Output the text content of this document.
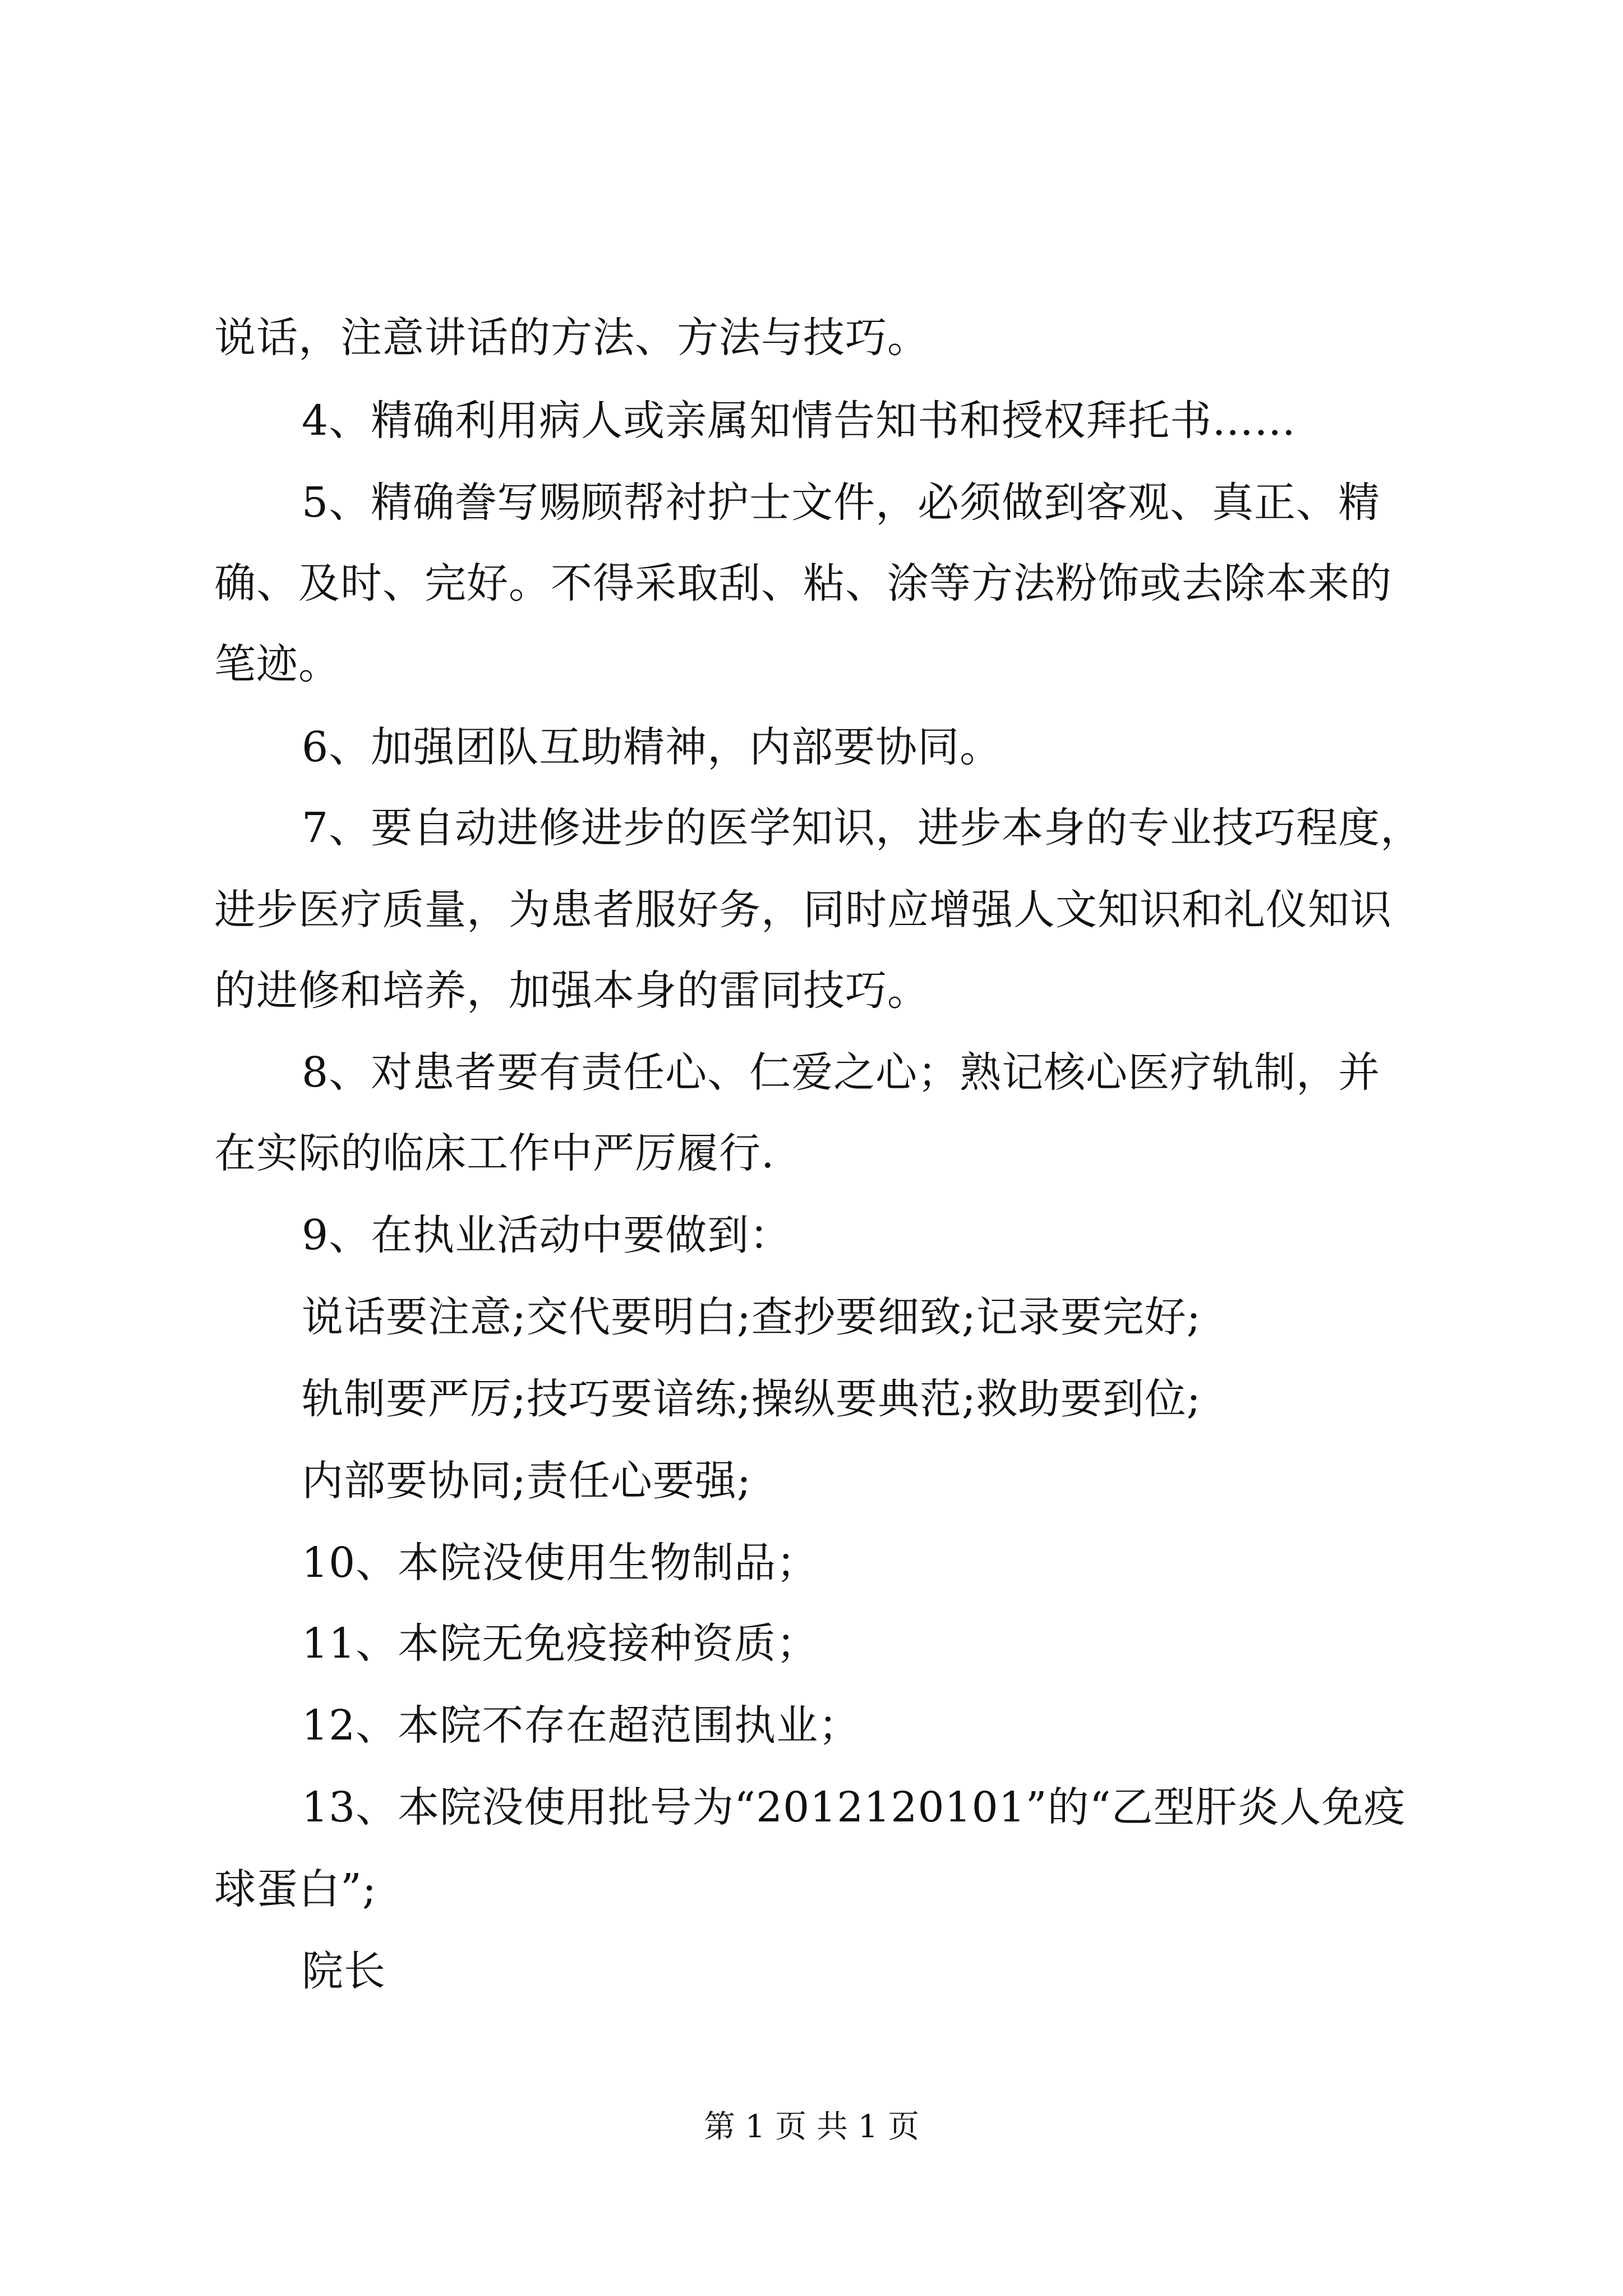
说话，注意讲话的方法、方法与技巧。
4、精确利用病人或亲属知情告知书和授权拜托书……
5、精确誊写赐顾帮衬护士文件，必须做到客观、真正、精
确、及时、完好。不得采取刮、粘、涂等方法粉饰或去除本来的
笔迹。
6、加强团队互助精神，内部要协同。
7、要自动进修进步的医学知识，进步本身的专业技巧程度，
进步医疗质量，为患者服好务，同时应增强人文知识和礼仪知识
的进修和培养，加强本身的雷同技巧。
8、对患者要有责任心、仁爱之心；熟记核心医疗轨制，并
在实际的临床工作中严厉履行.
9、在执业活动中要做到：
说话要注意;交代要明白;查抄要细致;记录要完好;
轨制要严厉;技巧要谙练;操纵要典范;救助要到位;
内部要协同;责任心要强;
10、本院没使用生物制品；
11、本院无免疫接种资质；
12、本院不存在超范围执业；
13、本院没使用批号为“2012120101”的“乙型肝炎人免疫
球蛋白”;
院长
第 1 页 共 1 页
